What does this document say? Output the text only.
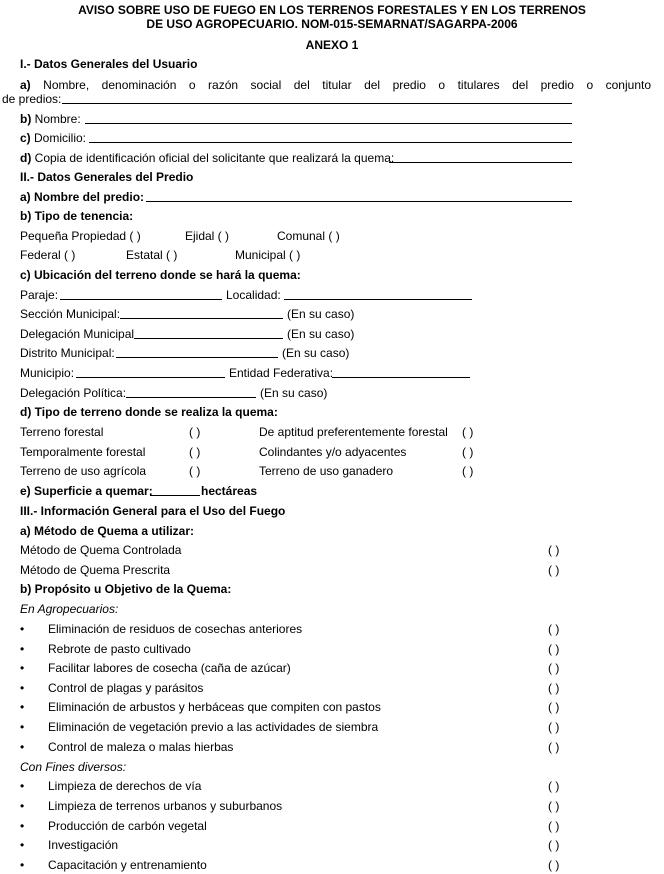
AVISO SOBRE USO DE FUEGO EN LOS TERRENOS FORESTALES Y EN LOS TERRENOS
DE USO AGROPECUARIO. NOM-015-SEMARNAT/SAGARPA-2006
ANEXO 1
I.- Datos Generales del Usuario
a) Nombre, denominación o razón social del titular del predio o titulares del predio o conjunto
de predios:
b) Nombre:
c) Domicilio:
d) Copia de identificación oficial del solicitante que realizará la quema:
II.- Datos Generales del Predio
a) Nombre del predio:
b) Tipo de tenencia:
Pequeña Propiedad ( )	Ejidal ( )	Comunal ( )
Federal ( )	Estatal ( )	Municipal ( )
c) Ubicación del terreno donde se hará la quema:
Paraje:	Localidad:
Sección Municipal:	(En su caso)
Delegación Municipal	(En su caso)
Distrito Municipal:	(En su caso)
Municipio:	Entidad Federativa:
Delegación Política:	(En su caso)
d) Tipo de terreno donde se realiza la quema:
Terreno forestal	( )	De aptitud preferentemente forestal	( )
Temporalmente forestal	( )	Colindantes y/o adyacentes	( )
Terreno de uso agrícola	( )	Terreno de uso ganadero	( )
e) Superficie a quemar:	hectáreas
III.- Información General para el Uso del Fuego
a) Método de Quema a utilizar:
Método de Quema Controlada	( )
Método de Quema Prescrita	( )
b) Propósito u Objetivo de la Quema:
En Agropecuarios:
• Eliminación de residuos de cosechas anteriores	( )
• Rebrote de pasto cultivado	( )
• Facilitar labores de cosecha (caña de azúcar)	( )
• Control de plagas y parásitos	( )
• Eliminación de arbustos y herbáceas que compiten con pastos	( )
• Eliminación de vegetación previo a las actividades de siembra	( )
• Control de maleza o malas hierbas	( )
Con Fines diversos:
• Limpieza de derechos de vía	( )
• Limpieza de terrenos urbanos y suburbanos	( )
• Producción de carbón vegetal	( )
• Investigación	( )
• Capacitación y entrenamiento	( )
